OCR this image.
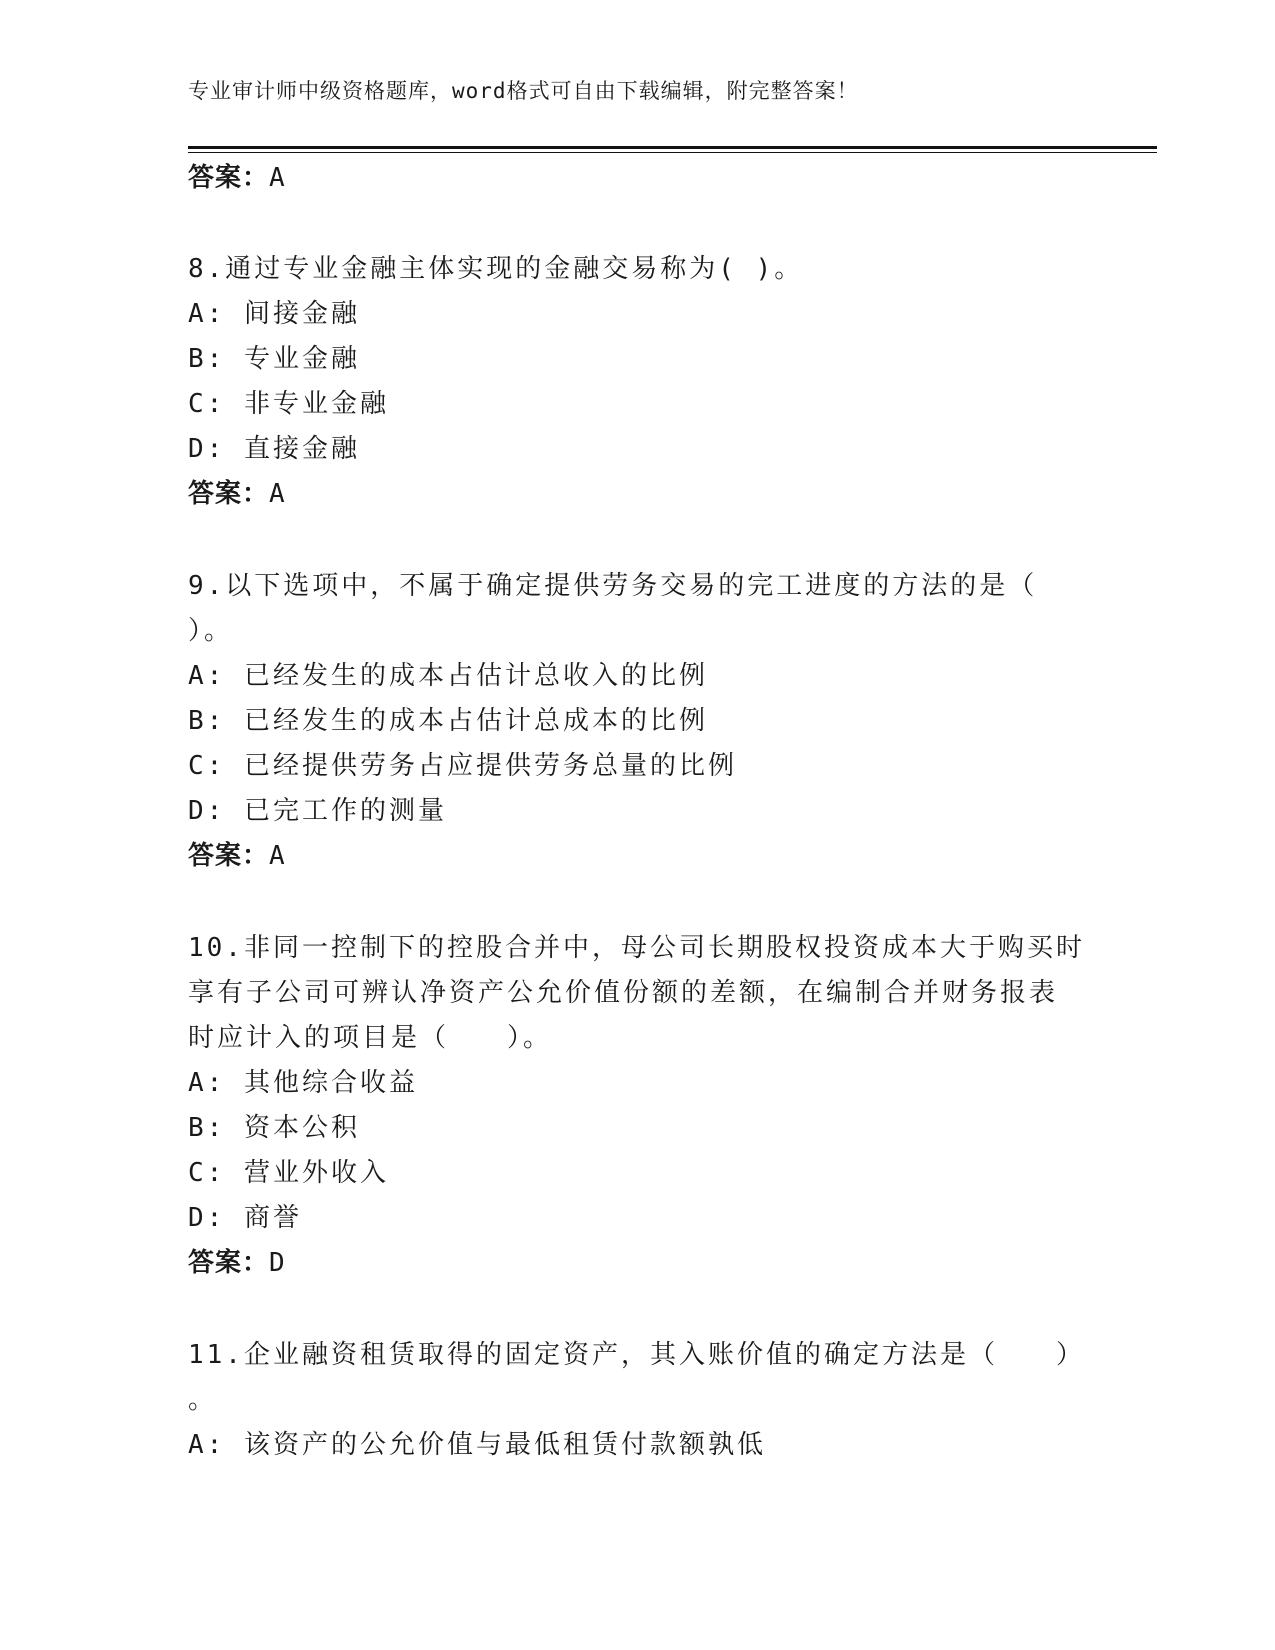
专业审计师中级资格题库，word格式可自由下载编辑，附完整答案！
答案：A
8.通过专业金融主体实现的金融交易称为( )。
A: 间接金融
B: 专业金融
C: 非专业金融
D: 直接金融
答案：A
9.以下选项中，不属于确定提供劳务交易的完工进度的方法的是（
）。
A: 已经发生的成本占估计总收入的比例
B: 已经发生的成本占估计总成本的比例
C: 已经提供劳务占应提供劳务总量的比例
D: 已完工作的测量
答案：A
10.非同一控制下的控股合并中，母公司长期股权投资成本大于购买时
享有子公司可辨认净资产公允价值份额的差额，在编制合并财务报表
时应计入的项目是（　　）。
A: 其他综合收益
B: 资本公积
C: 营业外收入
D: 商誉
答案：D
11.企业融资租赁取得的固定资产，其入账价值的确定方法是（　　）
。
A: 该资产的公允价值与最低租赁付款额孰低
